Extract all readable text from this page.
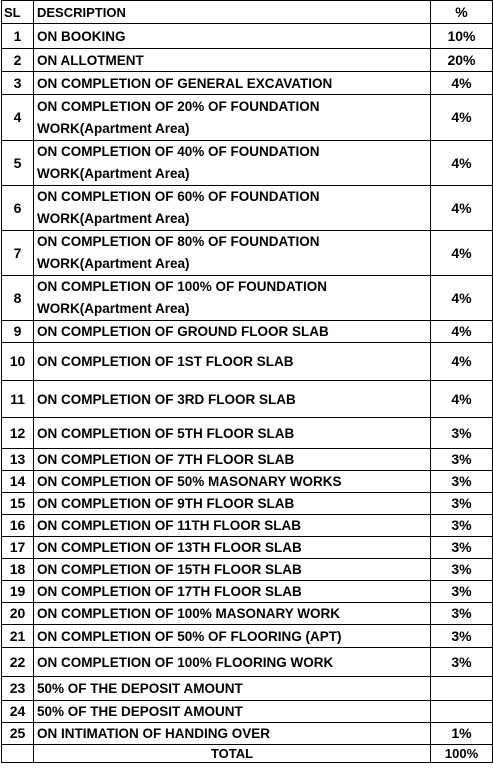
SL	DESCRIPTION	%
1	ON BOOKING	10%
2	ON ALLOTMENT	20%
3	ON COMPLETION OF GENERAL EXCAVATION	4%
4	ON COMPLETION OF 20% OF FOUNDATION WORK(Apartment Area)	4%
5	ON COMPLETION OF 40% OF FOUNDATION WORK(Apartment Area)	4%
6	ON COMPLETION OF 60% OF FOUNDATION WORK(Apartment Area)	4%
7	ON COMPLETION OF 80% OF FOUNDATION WORK(Apartment Area)	4%
8	ON COMPLETION OF 100% OF FOUNDATION WORK(Apartment Area)	4%
9	ON COMPLETION OF GROUND FLOOR SLAB	4%
10	ON COMPLETION OF 1ST FLOOR SLAB	4%
11	ON COMPLETION OF 3RD FLOOR SLAB	4%
12	ON COMPLETION OF 5TH FLOOR SLAB	3%
13	ON COMPLETION OF 7TH FLOOR SLAB	3%
14	ON COMPLETION OF 50% MASONARY WORKS	3%
15	ON COMPLETION OF 9TH FLOOR SLAB	3%
16	ON COMPLETION OF 11TH FLOOR SLAB	3%
17	ON COMPLETION OF 13TH FLOOR SLAB	3%
18	ON COMPLETION OF 15TH FLOOR SLAB	3%
19	ON COMPLETION OF 17TH FLOOR SLAB	3%
20	ON COMPLETION OF 100% MASONARY WORK	3%
21	ON COMPLETION OF 50% OF FLOORING (APT)	3%
22	ON COMPLETION OF 100% FLOORING WORK	3%
23	50% OF THE DEPOSIT AMOUNT	
24	50% OF THE DEPOSIT AMOUNT	
25	ON INTIMATION OF HANDING OVER	1%
	TOTAL	100%
